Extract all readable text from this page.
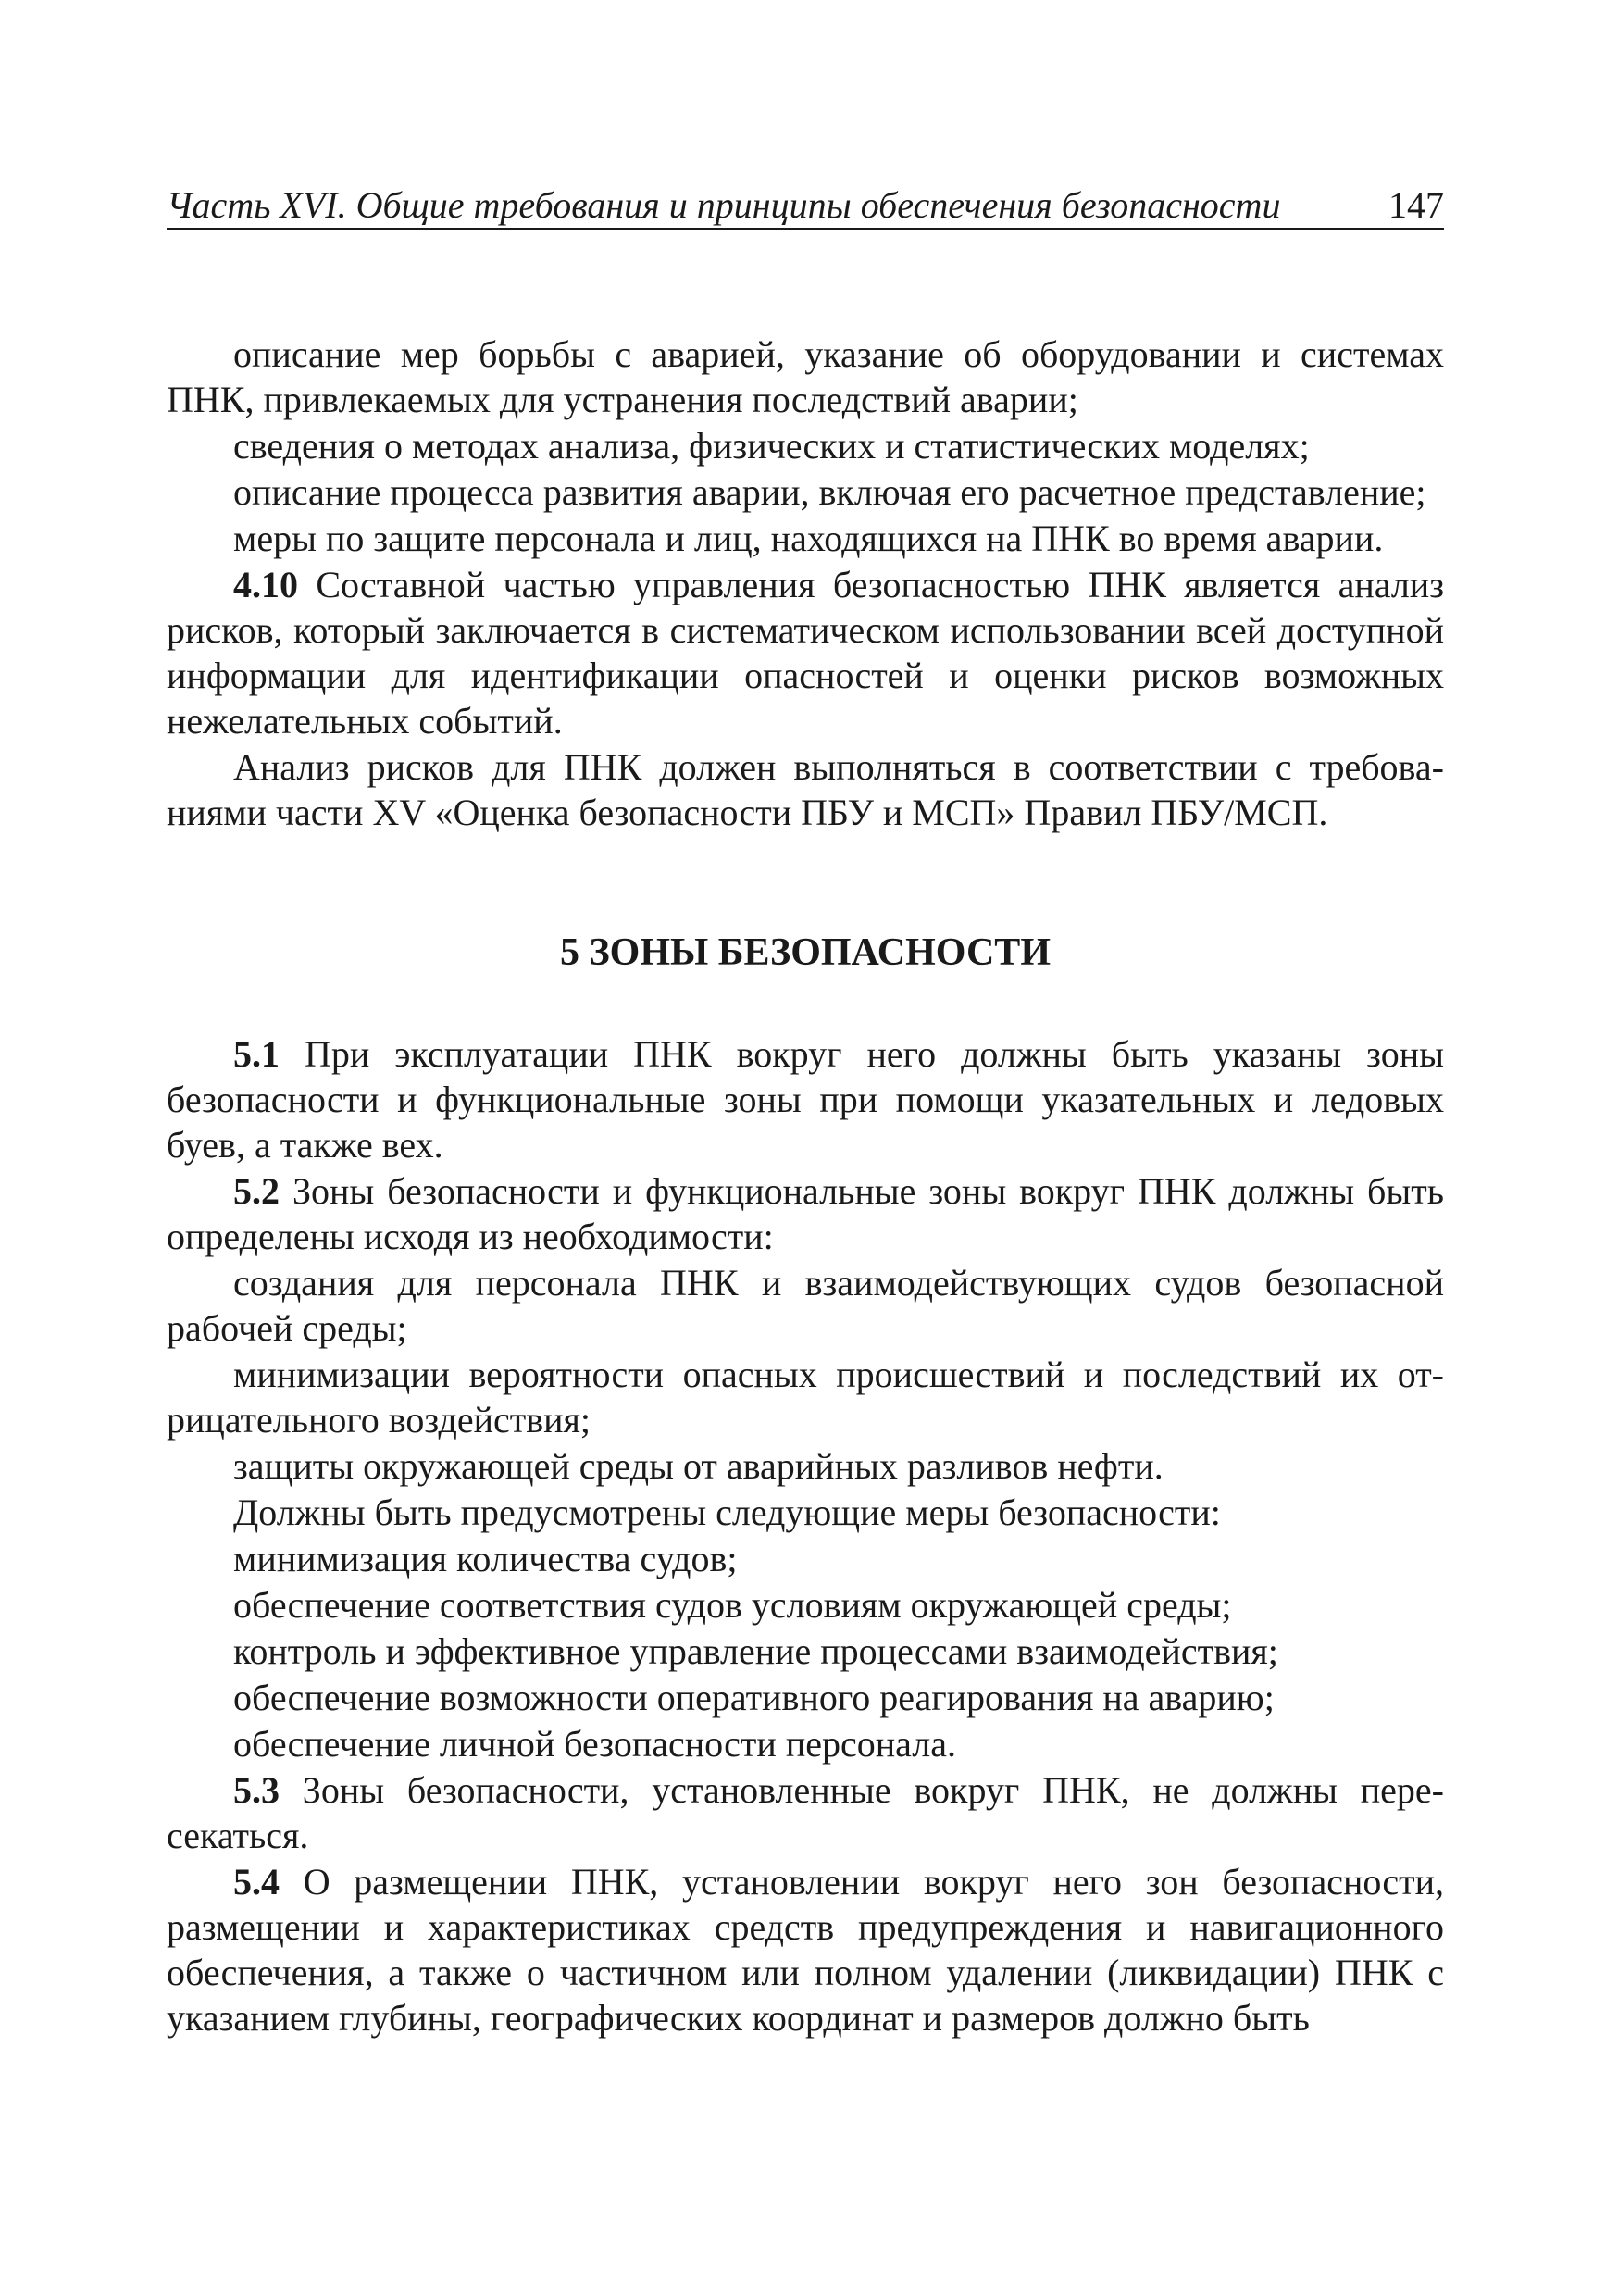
Часть XVI. Общие требования и принципы обеспечения безопасности	147

описание мер борьбы с аварией, указание об оборудовании и системах ПНК, привлекаемых для устранения последствий аварии;

сведения о методах анализа, физических и статистических моделях;

описание процесса развития аварии, включая его расчетное представление;

меры по защите персонала и лиц, находящихся на ПНК во время аварии.

4.10 Составной частью управления безопасностью ПНК является анализ рисков, который заключается в систематическом использовании всей доступной информации для идентификации опасностей и оценки рисков возможных нежелательных событий.

Анализ рисков для ПНК должен выполняться в соответствии с требованиями части XV «Оценка безопасности ПБУ и МСП» Правил ПБУ/МСП.

5 ЗОНЫ БЕЗОПАСНОСТИ

5.1 При эксплуатации ПНК вокруг него должны быть указаны зоны безопасности и функциональные зоны при помощи указательных и ледовых буев, а также вех.

5.2 Зоны безопасности и функциональные зоны вокруг ПНК должны быть определены исходя из необходимости:

создания для персонала ПНК и взаимодействующих судов безопасной рабочей среды;

минимизации вероятности опасных происшествий и последствий их отрицательного воздействия;

защиты окружающей среды от аварийных разливов нефти.

Должны быть предусмотрены следующие меры безопасности:

минимизация количества судов;

обеспечение соответствия судов условиям окружающей среды;

контроль и эффективное управление процессами взаимодействия;

обеспечение возможности оперативного реагирования на аварию;

обеспечение личной безопасности персонала.

5.3 Зоны безопасности, установленные вокруг ПНК, не должны пересекаться.

5.4 О размещении ПНК, установлении вокруг него зон безопасности, размещении и характеристиках средств предупреждения и навигационного обеспечения, а также о частичном или полном удалении (ликвидации) ПНК с указанием глубины, географических координат и размеров должно быть
